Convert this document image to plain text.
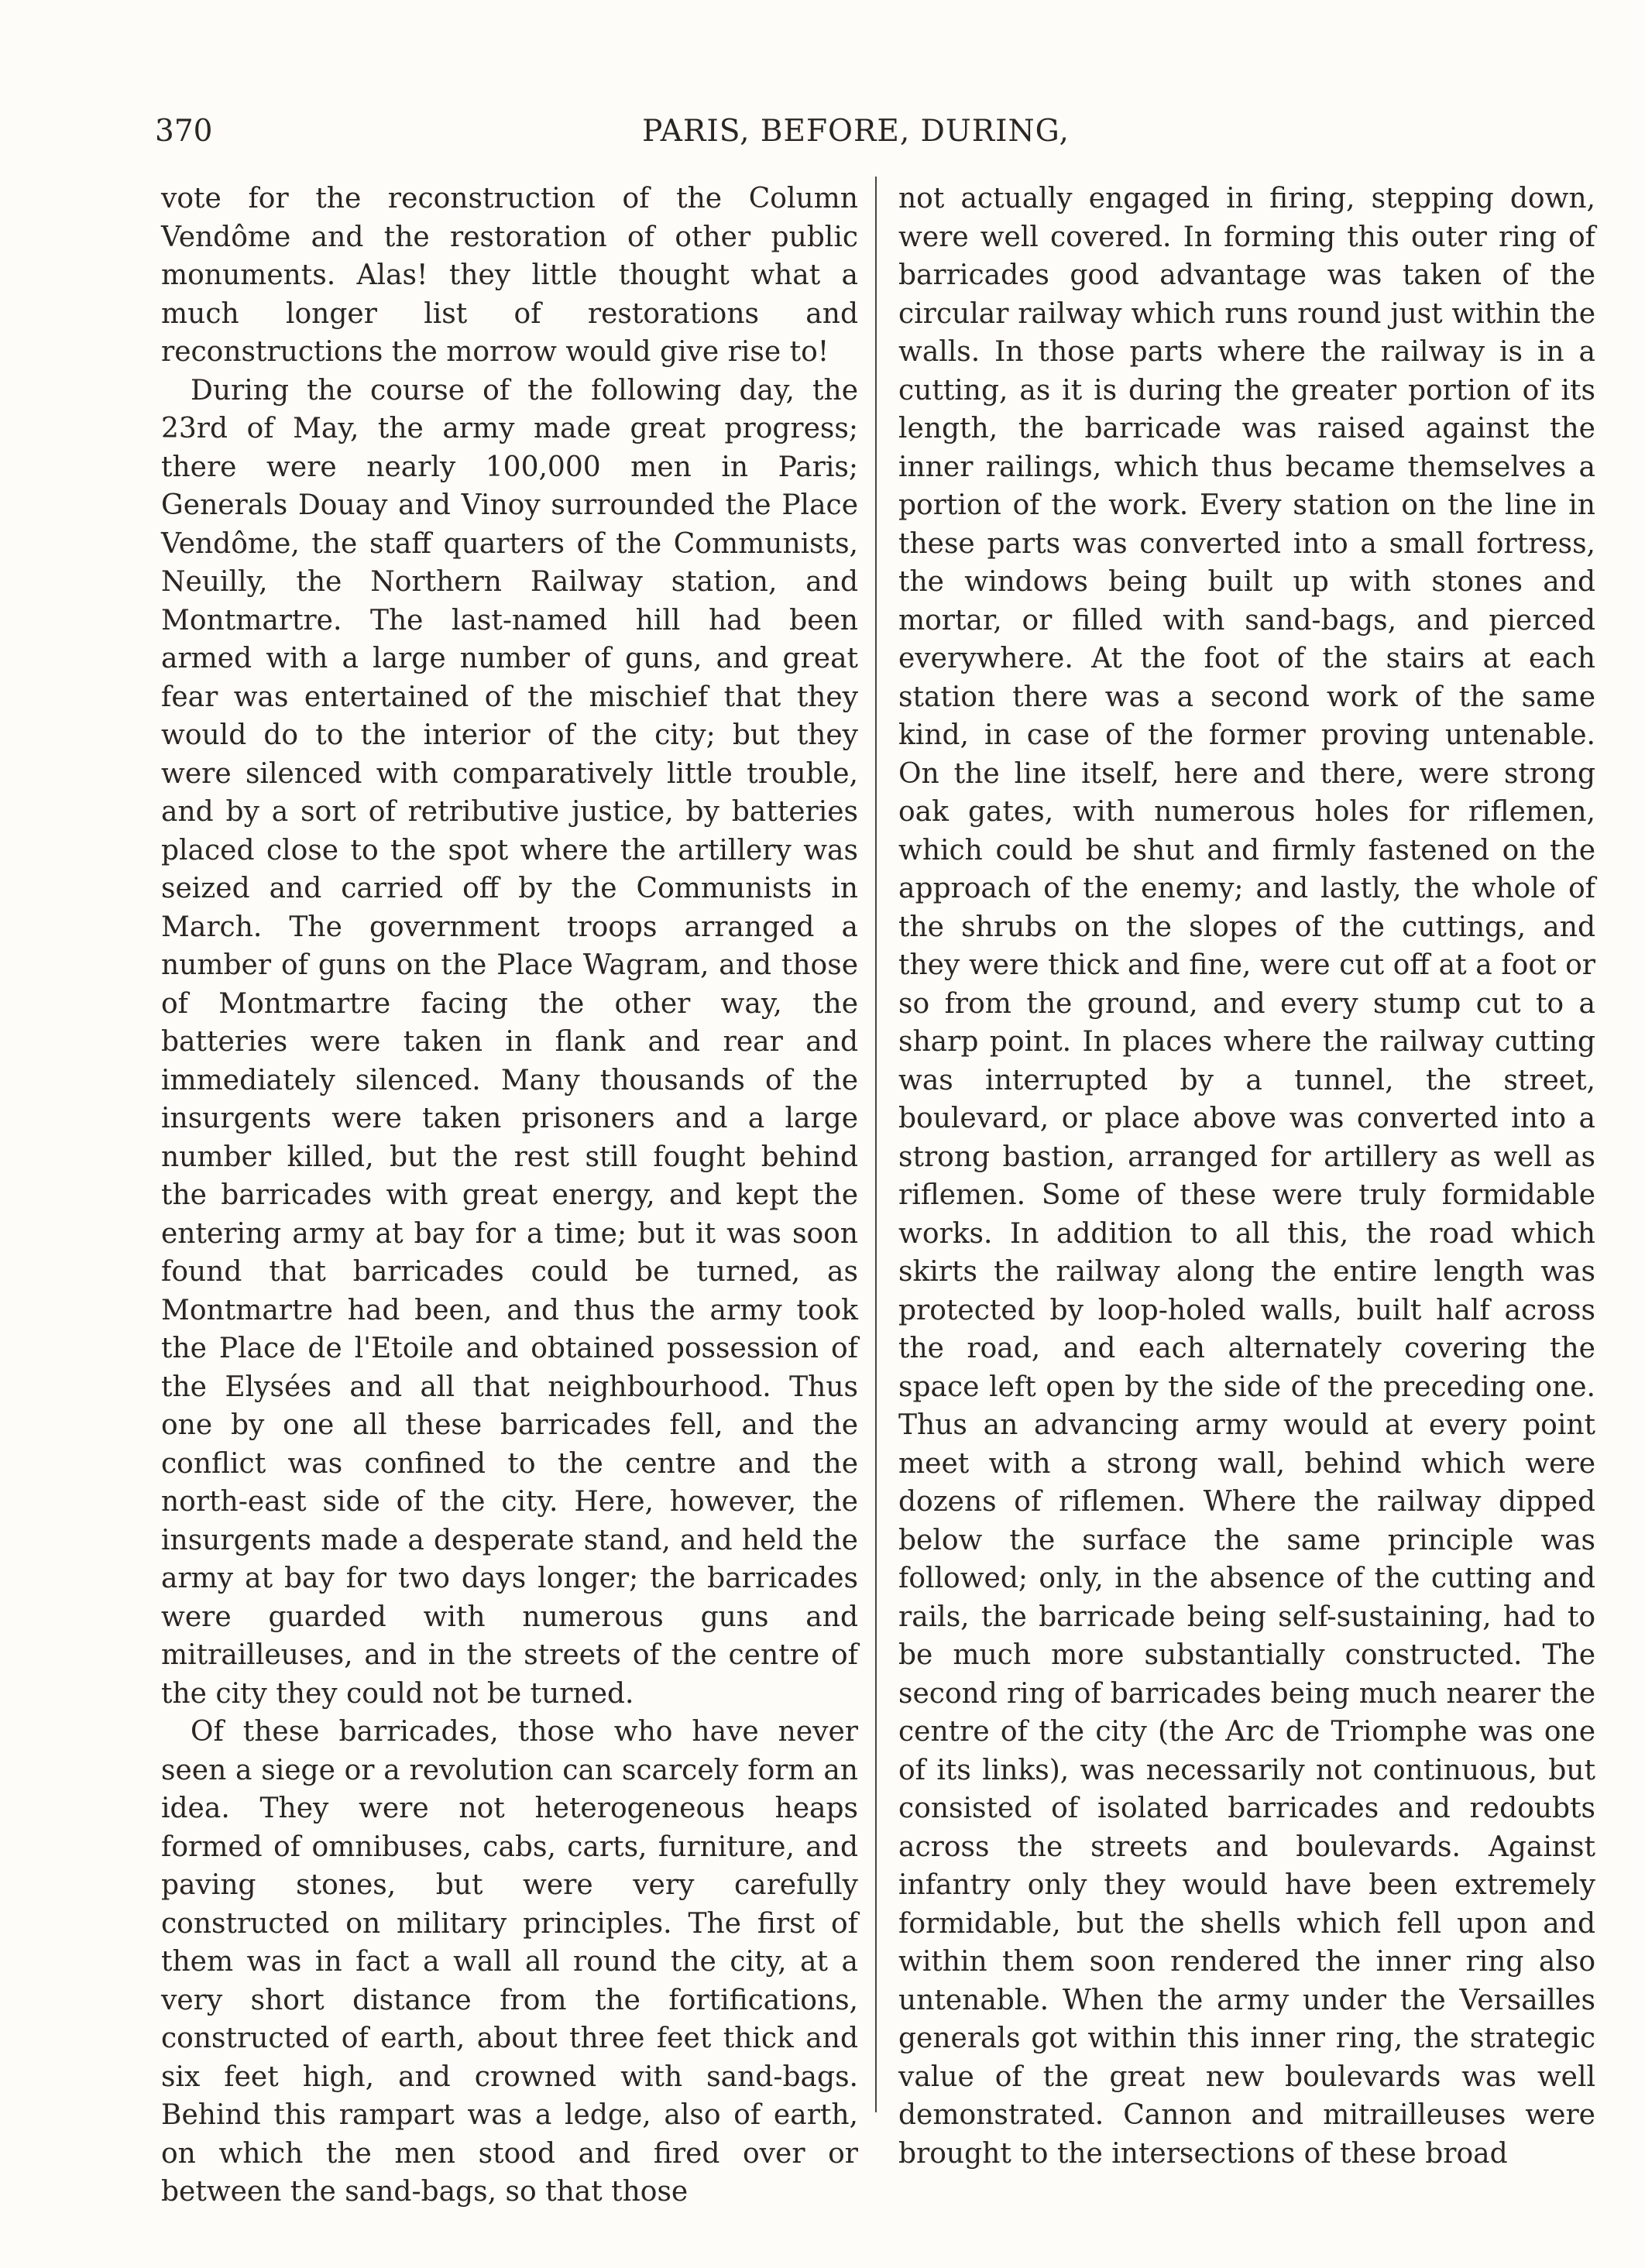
370	PARIS, BEFORE, DURING,

vote for the reconstruction of the Column Vendôme and the restoration of other public monuments. Alas! they little thought what a much longer list of restorations and reconstructions the morrow would give rise to!

During the course of the following day, the 23rd of May, the army made great progress; there were nearly 100,000 men in Paris; Generals Douay and Vinoy surrounded the Place Vendôme, the staff quarters of the Communists, Neuilly, the Northern Railway station, and Montmartre. The last-named hill had been armed with a large number of guns, and great fear was entertained of the mischief that they would do to the interior of the city; but they were silenced with comparatively little trouble, and by a sort of retributive justice, by batteries placed close to the spot where the artillery was seized and carried off by the Communists in March. The government troops arranged a number of guns on the Place Wagram, and those of Montmartre facing the other way, the batteries were taken in flank and rear and immediately silenced. Many thousands of the insurgents were taken prisoners and a large number killed, but the rest still fought behind the barricades with great energy, and kept the entering army at bay for a time; but it was soon found that barricades could be turned, as Montmartre had been, and thus the army took the Place de l'Etoile and obtained possession of the Elysées and all that neighbourhood. Thus one by one all these barricades fell, and the conflict was confined to the centre and the north-east side of the city. Here, however, the insurgents made a desperate stand, and held the army at bay for two days longer; the barricades were guarded with numerous guns and mitrailleuses, and in the streets of the centre of the city they could not be turned.

Of these barricades, those who have never seen a siege or a revolution can scarcely form an idea. They were not heterogeneous heaps formed of omnibuses, cabs, carts, furniture, and paving stones, but were very carefully constructed on military principles. The first of them was in fact a wall all round the city, at a very short distance from the fortifications, constructed of earth, about three feet thick and six feet high, and crowned with sand-bags. Behind this rampart was a ledge, also of earth, on which the men stood and fired over or between the sand-bags, so that those

not actually engaged in firing, stepping down, were well covered. In forming this outer ring of barricades good advantage was taken of the circular railway which runs round just within the walls. In those parts where the railway is in a cutting, as it is during the greater portion of its length, the barricade was raised against the inner railings, which thus became themselves a portion of the work. Every station on the line in these parts was converted into a small fortress, the windows being built up with stones and mortar, or filled with sand-bags, and pierced everywhere. At the foot of the stairs at each station there was a second work of the same kind, in case of the former proving untenable. On the line itself, here and there, were strong oak gates, with numerous holes for riflemen, which could be shut and firmly fastened on the approach of the enemy; and lastly, the whole of the shrubs on the slopes of the cuttings, and they were thick and fine, were cut off at a foot or so from the ground, and every stump cut to a sharp point. In places where the railway cutting was interrupted by a tunnel, the street, boulevard, or place above was converted into a strong bastion, arranged for artillery as well as riflemen. Some of these were truly formidable works. In addition to all this, the road which skirts the railway along the entire length was protected by loop-holed walls, built half across the road, and each alternately covering the space left open by the side of the preceding one. Thus an advancing army would at every point meet with a strong wall, behind which were dozens of riflemen. Where the railway dipped below the surface the same principle was followed; only, in the absence of the cutting and rails, the barricade being self-sustaining, had to be much more substantially constructed. The second ring of barricades being much nearer the centre of the city (the Arc de Triomphe was one of its links), was necessarily not continuous, but consisted of isolated barricades and redoubts across the streets and boulevards. Against infantry only they would have been extremely formidable, but the shells which fell upon and within them soon rendered the inner ring also untenable. When the army under the Versailles generals got within this inner ring, the strategic value of the great new boulevards was well demonstrated. Cannon and mitrailleuses were brought to the intersections of these broad
